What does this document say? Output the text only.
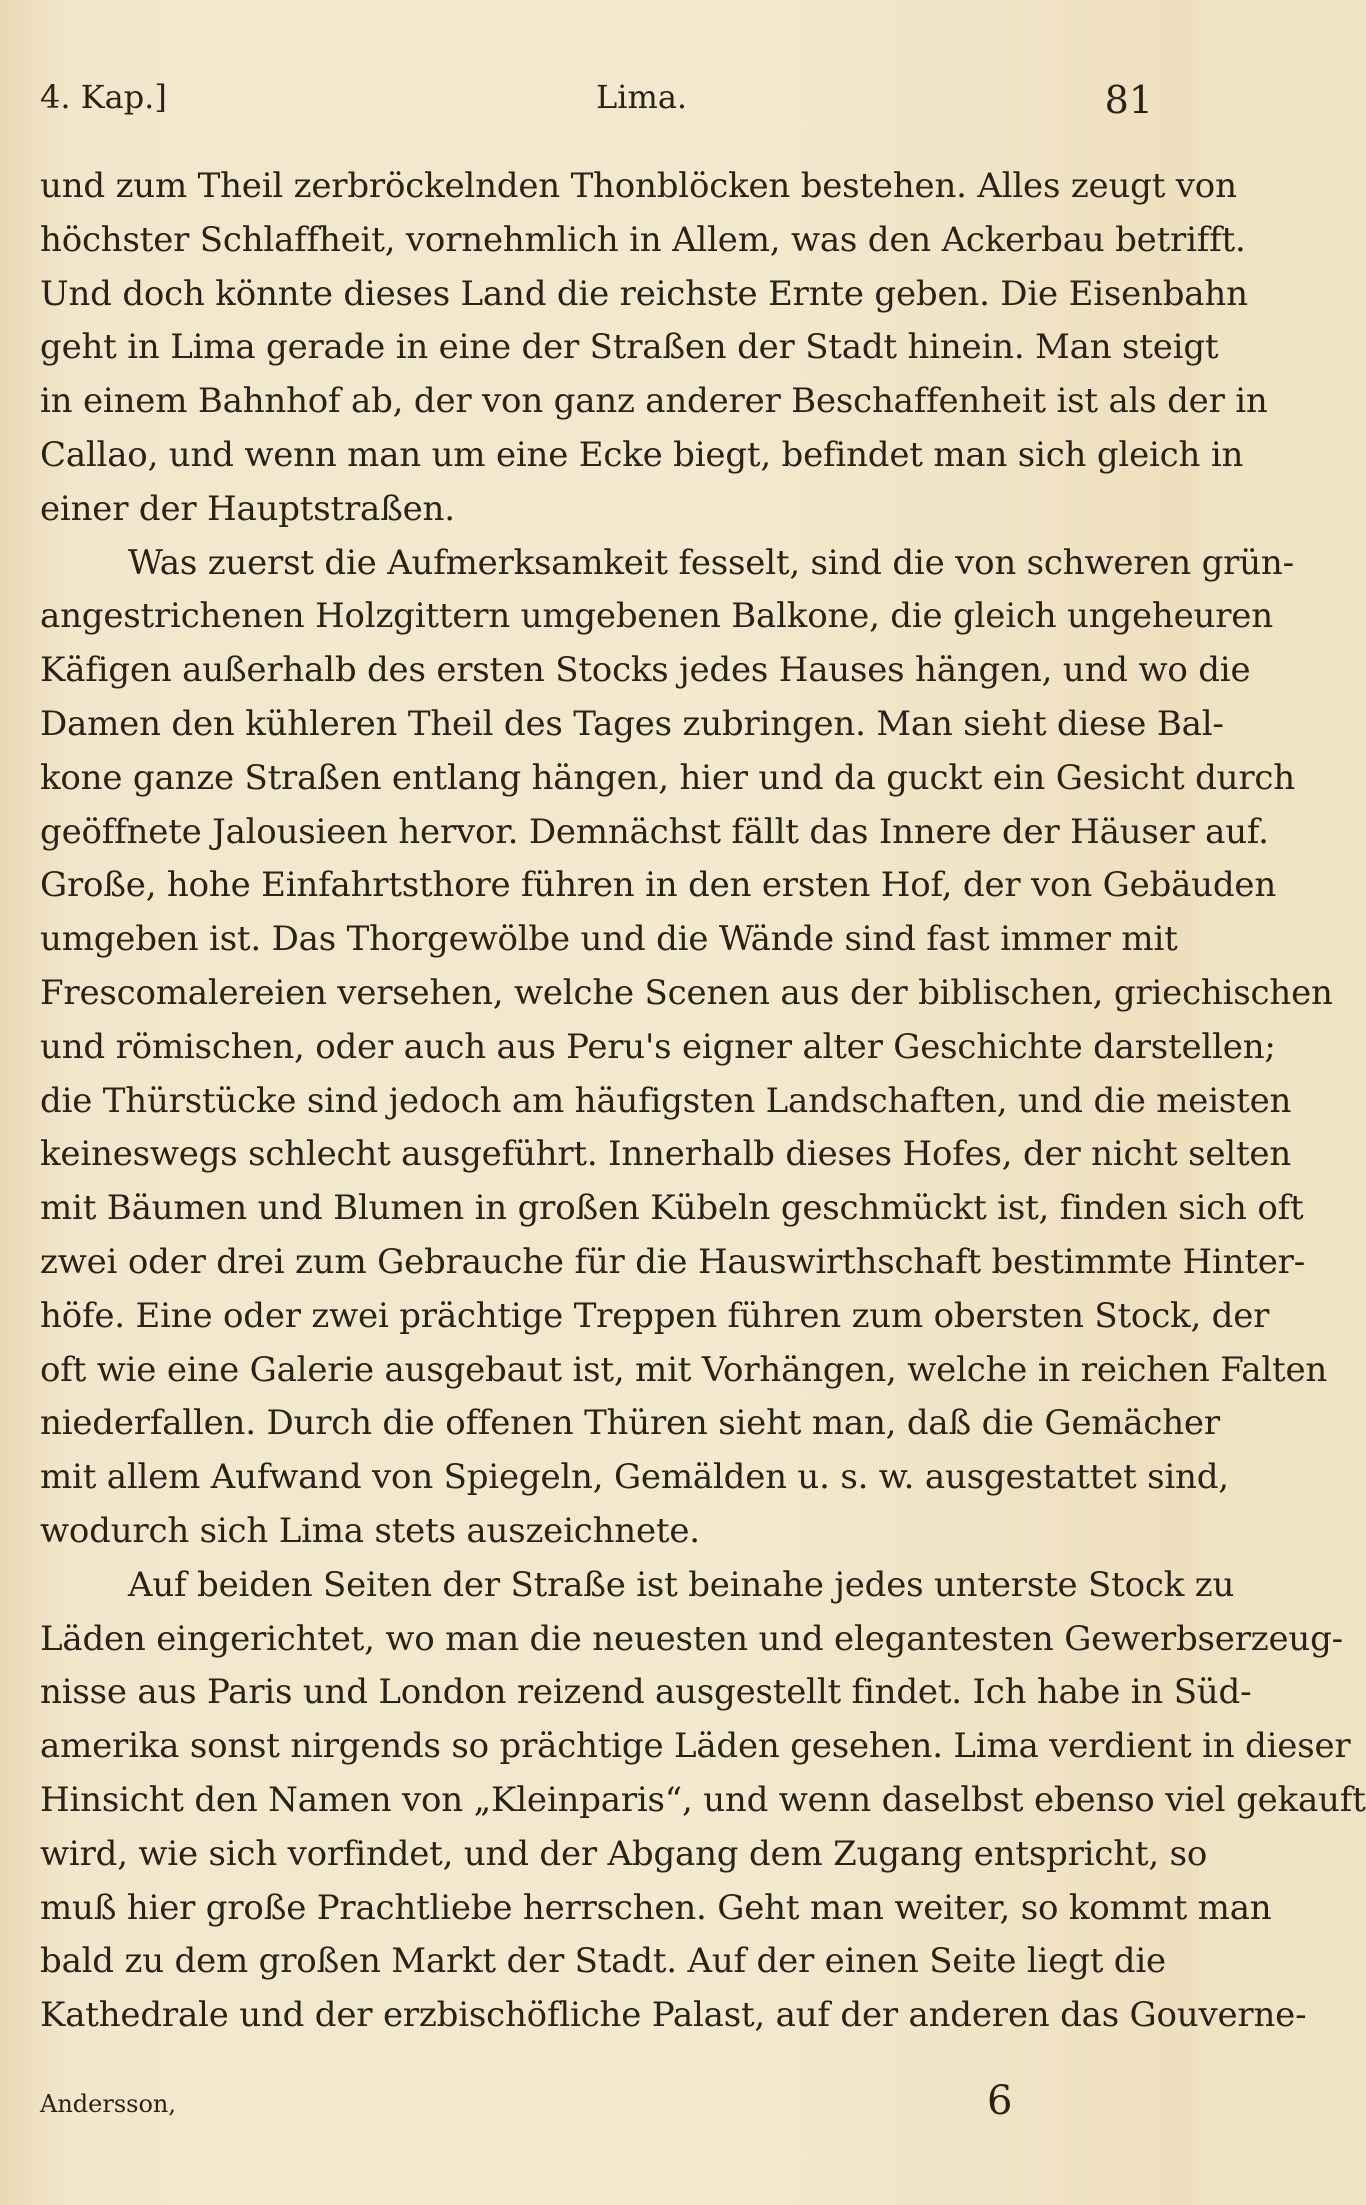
4. Kap.]	Lima.	81
und zum Theil zerbröckelnden Thonblöcken bestehen. Alles zeugt von
höchster Schlaffheit, vornehmlich in Allem, was den Ackerbau betrifft.
Und doch könnte dieses Land die reichste Ernte geben. Die Eisenbahn
geht in Lima gerade in eine der Straßen der Stadt hinein. Man steigt
in einem Bahnhof ab, der von ganz anderer Beschaffenheit ist als der in
Callao, und wenn man um eine Ecke biegt, befindet man sich gleich in
einer der Hauptstraßen.
Was zuerst die Aufmerksamkeit fesselt, sind die von schweren grün-
angestrichenen Holzgittern umgebenen Balkone, die gleich ungeheuren
Käfigen außerhalb des ersten Stocks jedes Hauses hängen, und wo die
Damen den kühleren Theil des Tages zubringen. Man sieht diese Bal-
kone ganze Straßen entlang hängen, hier und da guckt ein Gesicht durch
geöffnete Jalousieen hervor. Demnächst fällt das Innere der Häuser auf.
Große, hohe Einfahrtsthore führen in den ersten Hof, der von Gebäuden
umgeben ist. Das Thorgewölbe und die Wände sind fast immer mit
Frescomalereien versehen, welche Scenen aus der biblischen, griechischen
und römischen, oder auch aus Peru's eigner alter Geschichte darstellen;
die Thürstücke sind jedoch am häufigsten Landschaften, und die meisten
keineswegs schlecht ausgeführt. Innerhalb dieses Hofes, der nicht selten
mit Bäumen und Blumen in großen Kübeln geschmückt ist, finden sich oft
zwei oder drei zum Gebrauche für die Hauswirthschaft bestimmte Hinter-
höfe. Eine oder zwei prächtige Treppen führen zum obersten Stock, der
oft wie eine Galerie ausgebaut ist, mit Vorhängen, welche in reichen Falten
niederfallen. Durch die offenen Thüren sieht man, daß die Gemächer
mit allem Aufwand von Spiegeln, Gemälden u. s. w. ausgestattet sind,
wodurch sich Lima stets auszeichnete.
Auf beiden Seiten der Straße ist beinahe jedes unterste Stock zu
Läden eingerichtet, wo man die neuesten und elegantesten Gewerbserzeug-
nisse aus Paris und London reizend ausgestellt findet. Ich habe in Süd-
amerika sonst nirgends so prächtige Läden gesehen. Lima verdient in dieser
Hinsicht den Namen von „Kleinparis“, und wenn daselbst ebenso viel gekauft
wird, wie sich vorfindet, und der Abgang dem Zugang entspricht, so
muß hier große Prachtliebe herrschen. Geht man weiter, so kommt man
bald zu dem großen Markt der Stadt. Auf der einen Seite liegt die
Kathedrale und der erzbischöfliche Palast, auf der anderen das Gouverne-
Andersson,	6
